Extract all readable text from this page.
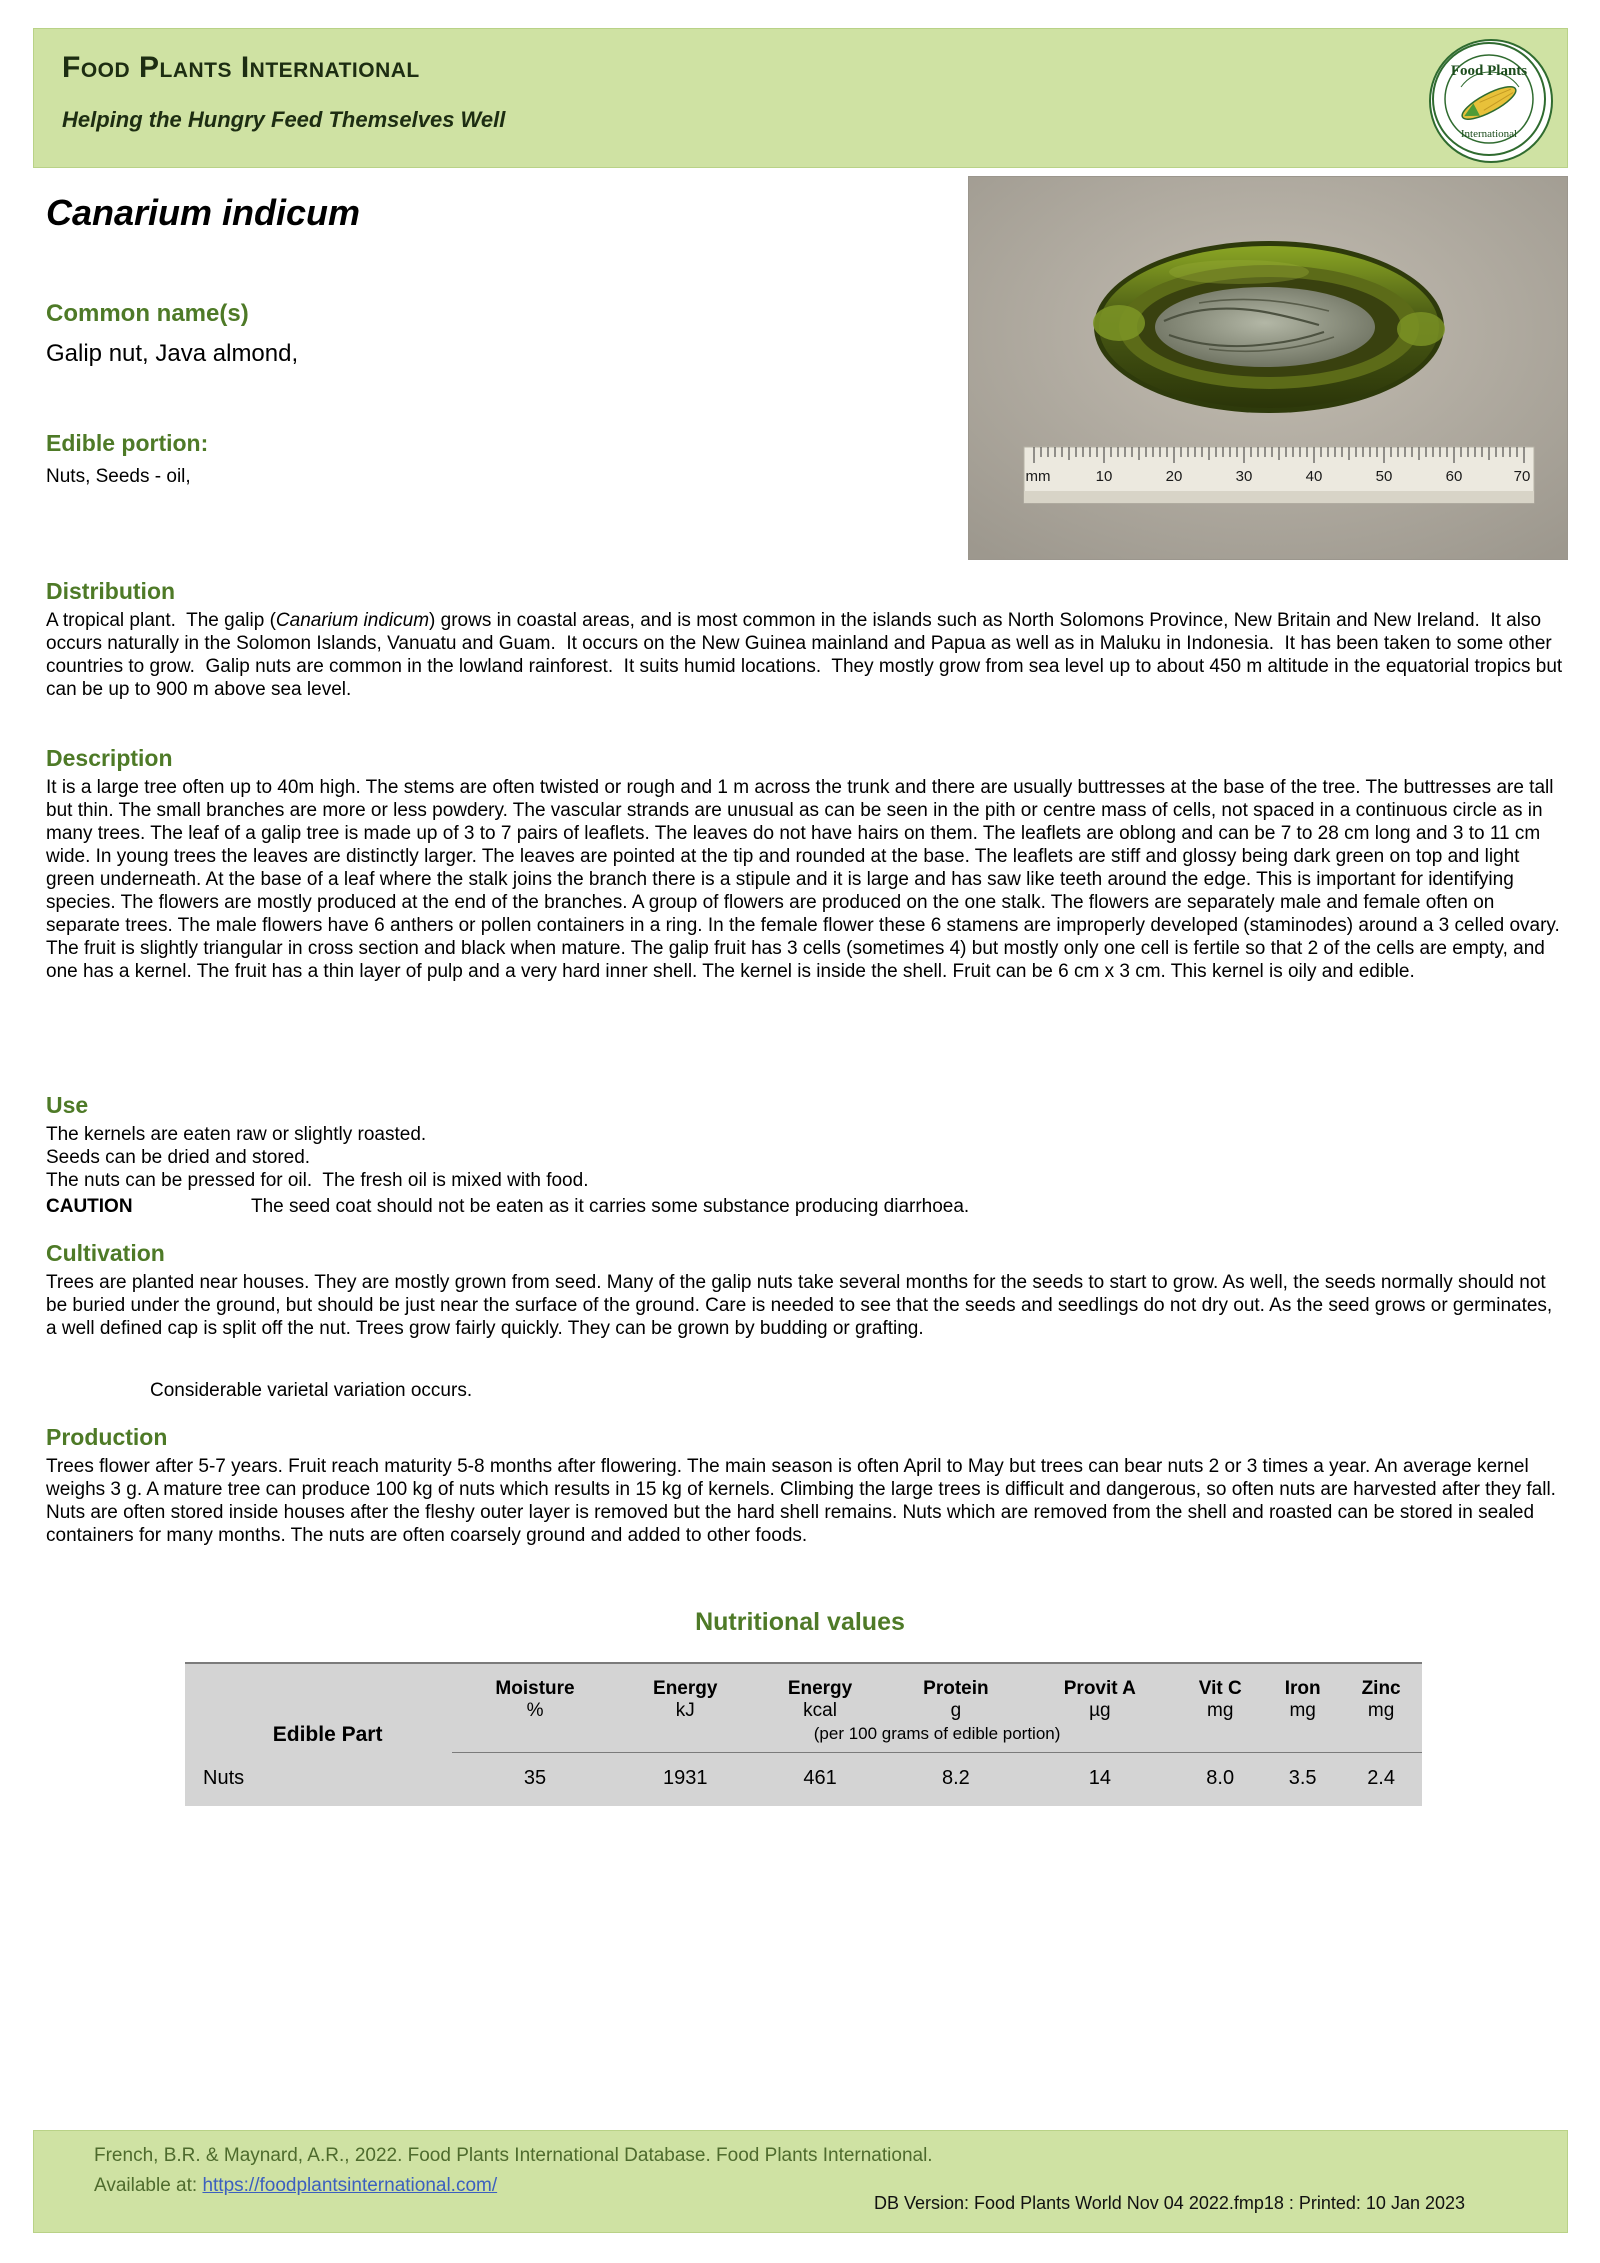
Food Plants International
Helping the Hungry Feed Themselves Well
Food Plants
International
Canarium indicum
Common name(s)
Galip nut, Java almond,
Edible portion:
Nuts, Seeds - oil,	mm	10	20	30	40	50	60	70
Distribution
A tropical plant.  The galip (Canarium indicum) grows in coastal areas, and is most common in the islands such as North Solomons Province, New Britain and New Ireland.  It also occurs naturally in the Solomon Islands, Vanuatu and Guam.  It occurs on the New Guinea mainland and Papua as well as in Maluku in Indonesia.  It has been taken to some other countries to grow.  Galip nuts are common in the lowland rainforest.  It suits humid locations.  They mostly grow from sea level up to about 450 m altitude in the equatorial tropics but can be up to 900 m above sea level.
Description
It is a large tree often up to 40m high. The stems are often twisted or rough and 1 m across the trunk and there are usually buttresses at the base of the tree. The buttresses are tall but thin. The small branches are more or less powdery. The vascular strands are unusual as can be seen in the pith or centre mass of cells, not spaced in a continuous circle as in many trees. The leaf of a galip tree is made up of 3 to 7 pairs of leaflets. The leaves do not have hairs on them. The leaflets are oblong and can be 7 to 28 cm long and 3 to 11 cm wide. In young trees the leaves are distinctly larger. The leaves are pointed at the tip and rounded at the base. The leaflets are stiff and glossy being dark green on top and light green underneath. At the base of a leaf where the stalk joins the branch there is a stipule and it is large and has saw like teeth around the edge. This is important for identifying species. The flowers are mostly produced at the end of the branches. A group of flowers are produced on the one stalk. The flowers are separately male and female often on separate trees. The male flowers have 6 anthers or pollen containers in a ring. In the female flower these 6 stamens are improperly developed (staminodes) around a 3 celled ovary. The fruit is slightly triangular in cross section and black when mature. The galip fruit has 3 cells (sometimes 4) but mostly only one cell is fertile so that 2 of the cells are empty, and one has a kernel. The fruit has a thin layer of pulp and a very hard inner shell. The kernel is inside the shell. Fruit can be 6 cm x 3 cm. This kernel is oily and edible.
Use
The kernels are eaten raw or slightly roasted.
Seeds can be dried and stored.
The nuts can be pressed for oil.  The fresh oil is mixed with food.
CAUTION	The seed coat should not be eaten as it carries some substance producing diarrhoea.
Cultivation
Trees are planted near houses. They are mostly grown from seed. Many of the galip nuts take several months for the seeds to start to grow. As well, the seeds normally should not be buried under the ground, but should be just near the surface of the ground. Care is needed to see that the seeds and seedlings do not dry out. As the seed grows or germinates, a well defined cap is split off the nut. Trees grow fairly quickly. They can be grown by budding or grafting.
Considerable varietal variation occurs.
Production
Trees flower after 5-7 years. Fruit reach maturity 5-8 months after flowering. The main season is often April to May but trees can bear nuts 2 or 3 times a year. An average kernel weighs 3 g. A mature tree can produce 100 kg of nuts which results in 15 kg of kernels. Climbing the large trees is difficult and dangerous, so often nuts are harvested after they fall. Nuts are often stored inside houses after the fleshy outer layer is removed but the hard shell remains. Nuts which are removed from the shell and roasted can be stored in sealed containers for many months. The nuts are often coarsely ground and added to other foods.
Nutritional values
Edible Part	Moisture	Energy	Energy	Protein	Provit A	Vit C	Iron	Zinc
	%	kJ	kcal	g	µg	mg	mg	mg
	(per 100 grams of edible portion)							
Nuts	35	1931	461	8.2	14	8.0	3.5	2.4
French, B.R. & Maynard, A.R., 2022. Food Plants International Database. Food Plants International.
Available at: https://foodplantsinternational.com/
DB Version: Food Plants World Nov 04 2022.fmp18 : Printed: 10 Jan 2023
